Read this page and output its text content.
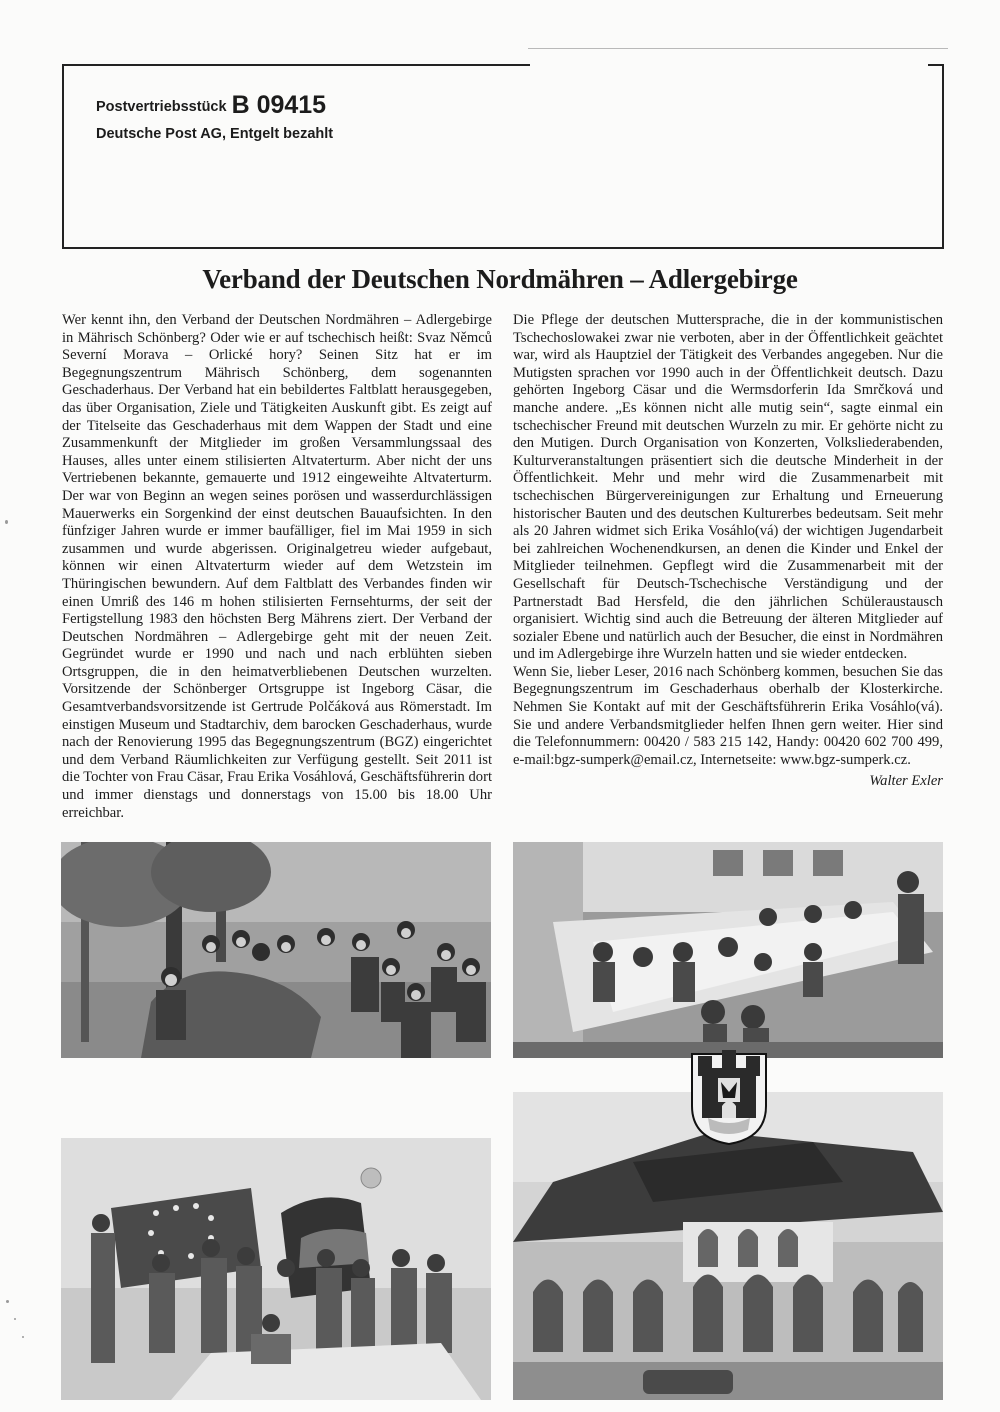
Postvertriebsstück B 09415
Deutsche Post AG, Entgelt bezahlt
Verband der Deutschen Nordmähren – Adlergebirge

Wer kennt ihn, den Verband der Deutschen Nordmähren – Adlergebirge in Mährisch Schönberg? Oder wie er auf tschechisch heißt: Svaz Němců Severní Morava – Orlické hory? Seinen Sitz hat er im Begegnungszentrum Mährisch Schönberg, dem sogenannten Geschaderhaus. Der Verband hat ein bebildertes Faltblatt herausgegeben, das über Organisation, Ziele und Tätigkeiten Auskunft gibt. Es zeigt auf der Titelseite das Geschaderhaus mit dem Wappen der Stadt und eine Zusammenkunft der Mitglieder im großen Versammlungssaal des Hauses, alles unter einem stilisierten Altvaterturm. Aber nicht der uns Vertriebenen bekannte, gemauerte und 1912 eingeweihte Altvaterturm. Der war von Beginn an wegen seines porösen und wasserdurchlässigen Mauerwerks ein Sorgenkind der einst deutschen Bauaufsichten. In den fünfziger Jahren wurde er immer baufälliger, fiel im Mai 1959 in sich zusammen und wurde abgerissen. Originalgetreu wieder aufgebaut, können wir einen Altvaterturm wieder auf dem Wetzstein im Thüringischen bewundern. Auf dem Faltblatt des Verbandes finden wir einen Umriß des 146 m hohen stilisierten Fernsehturms, der seit der Fertigstellung 1983 den höchsten Berg Mährens ziert. Der Verband der Deutschen Nordmähren – Adlergebirge geht mit der neuen Zeit. Gegründet wurde er 1990 und nach und nach erblühten sieben Ortsgruppen, die in den heimatverbliebenen Deutschen wurzelten. Vorsitzende der Schönberger Ortsgruppe ist Ingeborg Cäsar, die Gesamtverbandsvorsitzende ist Gertrude Polčáková aus Römerstadt. Im einstigen Museum und Stadtarchiv, dem barocken Geschaderhaus, wurde nach der Renovierung 1995 das Begegnungszentrum (BGZ) eingerichtet und dem Verband Räumlichkeiten zur Verfügung gestellt. Seit 2011 ist die Tochter von Frau Cäsar, Frau Erika Vosáhlová, Geschäftsführerin dort und immer dienstags und donnerstags von 15.00 bis 18.00 Uhr erreichbar.

Die Pflege der deutschen Muttersprache, die in der kommunistischen Tschechoslowakei zwar nie verboten, aber in der Öffentlichkeit geächtet war, wird als Hauptziel der Tätigkeit des Verbandes angegeben. Nur die Mutigsten sprachen vor 1990 auch in der Öffentlichkeit deutsch. Dazu gehörten Ingeborg Cäsar und die Wermsdorferin Ida Smrčková und manche andere. „Es können nicht alle mutig sein“, sagte einmal ein tschechischer Freund mit deutschen Wurzeln zu mir. Er gehörte nicht zu den Mutigen. Durch Organisation von Konzerten, Volksliederabenden, Kulturveranstaltungen präsentiert sich die deutsche Minderheit in der Öffentlichkeit. Mehr und mehr wird die Zusammenarbeit mit tschechischen Bürgervereinigungen zur Erhaltung und Erneuerung historischer Bauten und des deutschen Kulturerbes bedeutsam. Seit mehr als 20 Jahren widmet sich Erika Vosáhlo(vá) der wichtigen Jugendarbeit bei zahlreichen Wochenendkursen, an denen die Kinder und Enkel der Mitglieder teilnehmen. Gepflegt wird die Zusammenarbeit mit der Gesellschaft für Deutsch-Tschechische Verständigung und der Partnerstadt Bad Hersfeld, die den jährlichen Schüleraustausch organisiert. Wichtig sind auch die Betreuung der älteren Mitglieder auf sozialer Ebene und natürlich auch der Besucher, die einst in Nordmähren und im Adlergebirge ihre Wurzeln hatten und sie wieder entdecken.

Wenn Sie, lieber Leser, 2016 nach Schönberg kommen, besuchen Sie das Begegnungszentrum im Geschaderhaus oberhalb der Klosterkirche. Nehmen Sie Kontakt auf mit der Geschäftsführerin Erika Vosáhlo(vá). Sie und andere Verbandsmitglieder helfen Ihnen gern weiter. Hier sind die Telefonnummern: 00420 / 583 215 142, Handy: 00420 602 700 499, e-mail:bgz-sumperk@email.cz, Internetseite: www.bgz-sumperk.cz.

Walter Exler
